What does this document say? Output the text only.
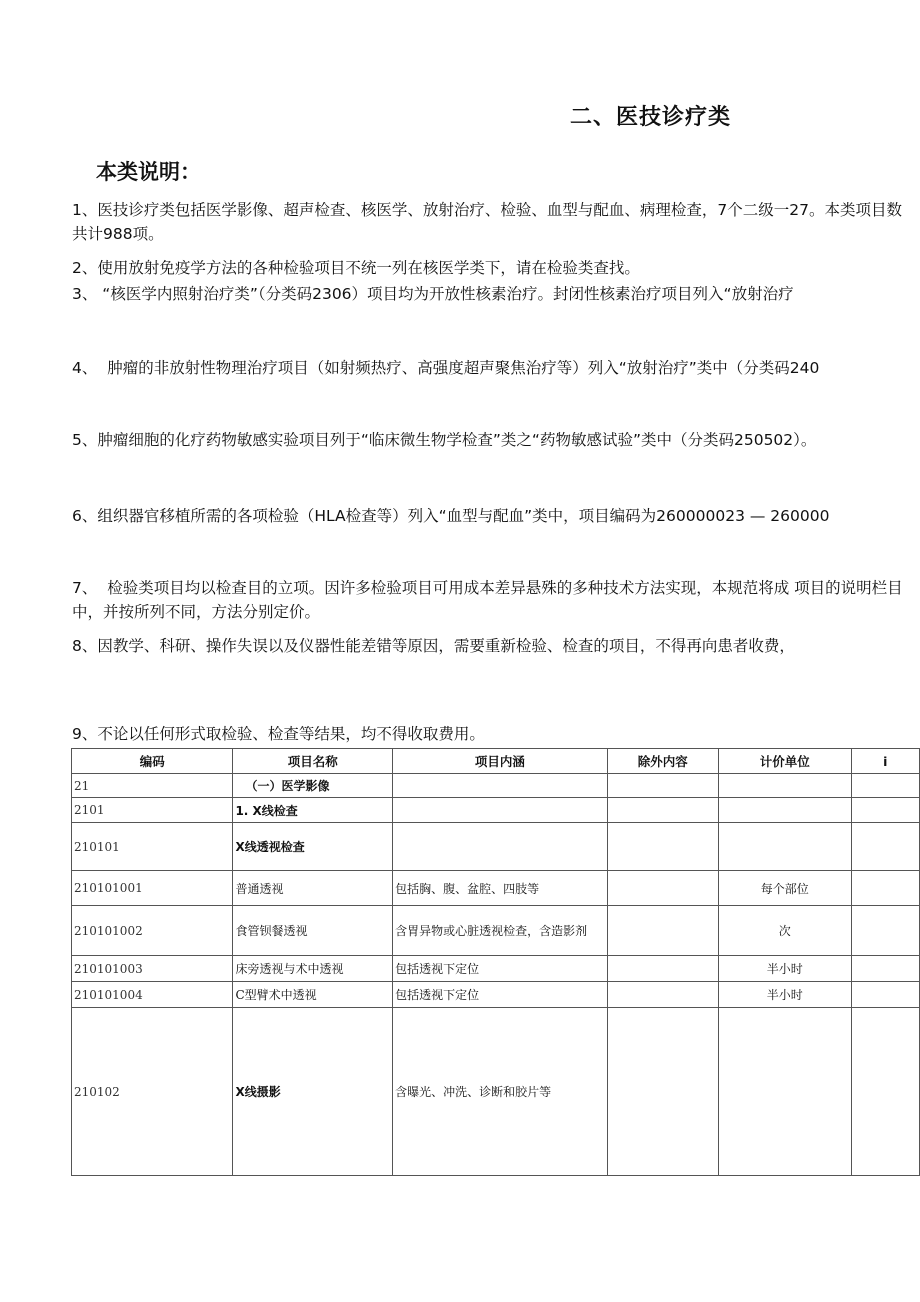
二、医技诊疗类
本类说明：
1、医技诊疗类包括医学影像、超声检查、核医学、放射治疗、检验、血型与配血、病理检查，7个二级一27。本类项目数共计988项。
2、使用放射免疫学方法的各种检验项目不统一列在核医学类下，请在检验类查找。
3、 “核医学内照射治疗类”（分类码2306）项目均为开放性核素治疗。封闭性核素治疗项目列入“放射治疗
4、  肿瘤的非放射性物理治疗项目（如射频热疗、高强度超声聚焦治疗等）列入“放射治疗”类中（分类码240
5、肿瘤细胞的化疗药物敏感实验项目列于“临床微生物学检查”类之“药物敏感试验”类中（分类码250502）。
6、组织器官移植所需的各项检验（HLA检查等）列入“血型与配血”类中，项目编码为260000023 — 260000
7、  检验类项目均以检查目的立项。因许多检验项目可用成本差异悬殊的多种技术方法实现，本规范将成 项目的说明栏目中，并按所列不同，方法分别定价。
8、因教学、科研、操作失误以及仪器性能差错等原因，需要重新检验、检查的项目，不得再向患者收费，
9、不论以任何形式取检验、检查等结果，均不得收取费用。
编码	项目名称	项目内涵	除外内容	计价单位	i
21	（一）医学影像				
2101	1. X线检查				
210101	X线透视检查				
210101001	普通透视	包括胸、腹、盆腔、四肢等		每个部位	
210101002	食管钡餐透视	含胃异物或心脏透视检查，含造影剂		次	
210101003	床旁透视与术中透视	包括透视下定位		半小时	
210101004	C型臂术中透视	包括透视下定位		半小时	
210102	X线摄影	含曝光、冲洗、诊断和胶片等			
